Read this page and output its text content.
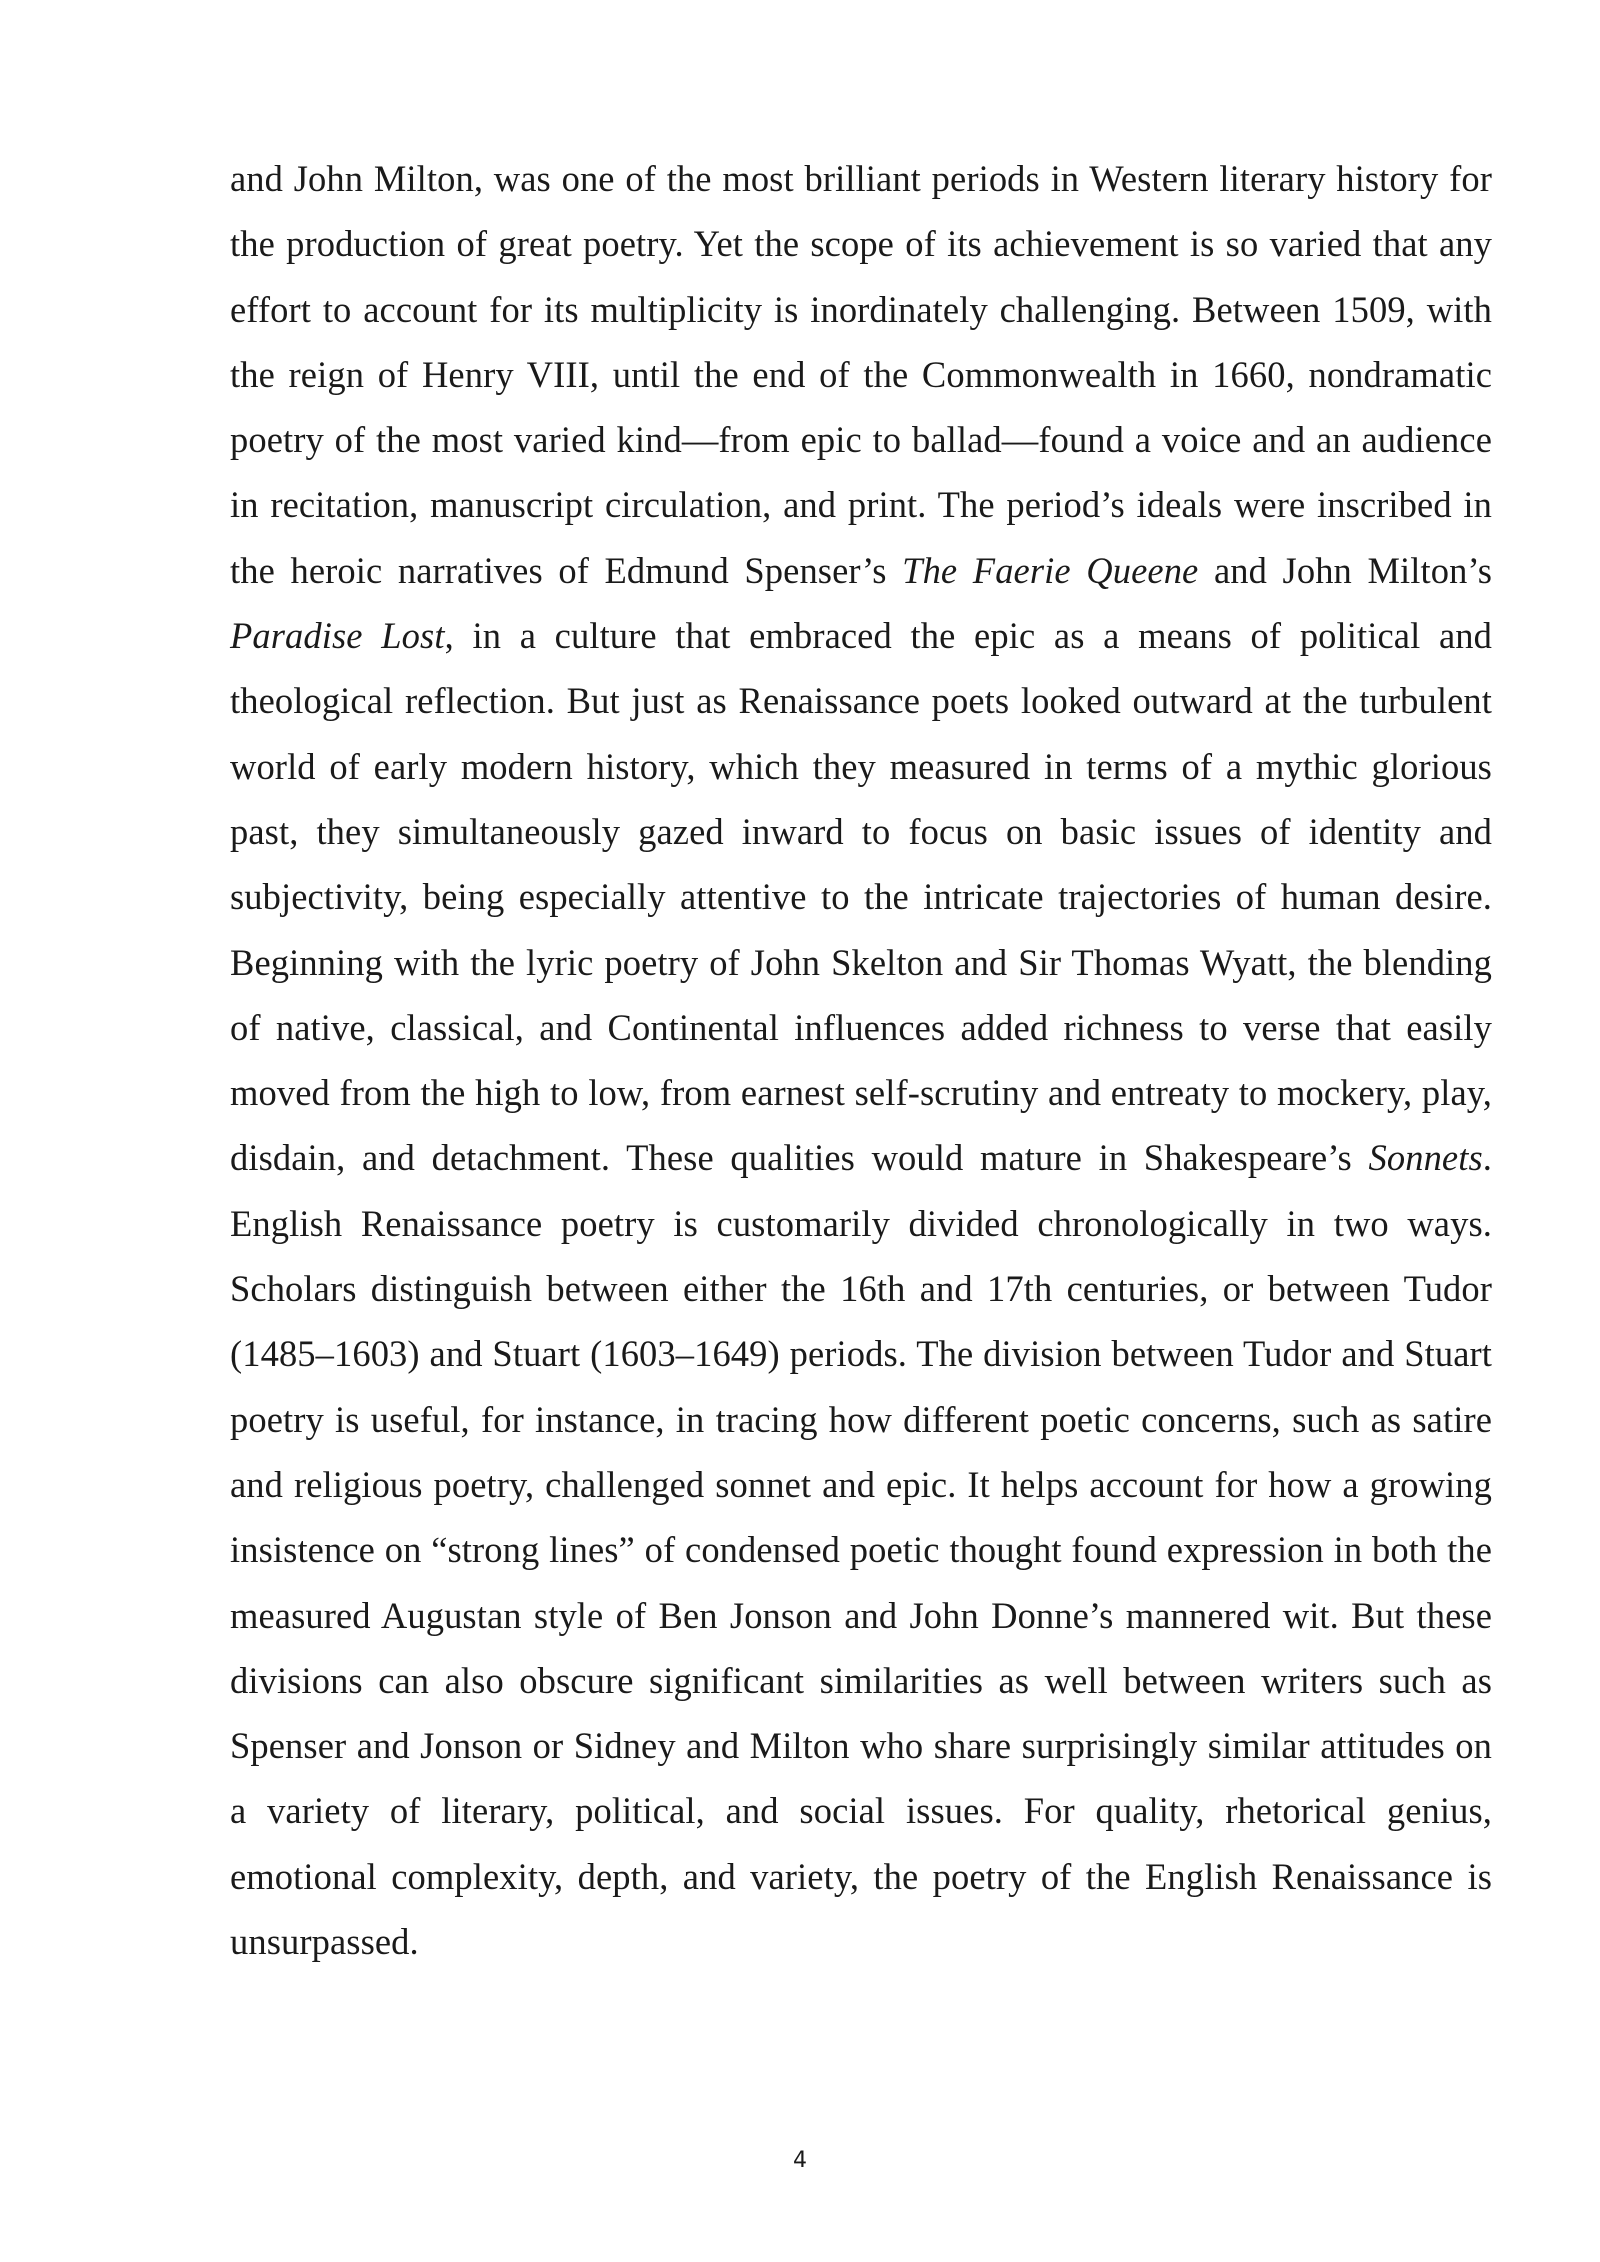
and John Milton, was one of the most brilliant periods in Western literary history for the production of great poetry. Yet the scope of its achievement is so varied that any effort to account for its multiplicity is inordinately challenging. Between 1509, with the reign of Henry VIII, until the end of the Commonwealth in 1660, nondramatic poetry of the most varied kind—from epic to ballad—found a voice and an audience in recitation, manuscript circulation, and print. The period’s ideals were inscribed in the heroic narratives of Edmund Spenser’s The Faerie Queene and John Milton’s Paradise Lost, in a culture that embraced the epic as a means of political and theological reflection. But just as Renaissance poets looked outward at the turbulent world of early modern history, which they measured in terms of a mythic glorious past, they simultaneously gazed inward to focus on basic issues of identity and subjectivity, being especially attentive to the intricate trajectories of human desire. Beginning with the lyric poetry of John Skelton and Sir Thomas Wyatt, the blending of native, classical, and Continental influences added richness to verse that easily moved from the high to low, from earnest self-scrutiny and entreaty to mockery, play, disdain, and detachment. These qualities would mature in Shakespeare’s Sonnets. English Renaissance poetry is customarily divided chronologically in two ways. Scholars distinguish between either the 16th and 17th centuries, or between Tudor (1485–1603) and Stuart (1603–1649) periods. The division between Tudor and Stuart poetry is useful, for instance, in tracing how different poetic concerns, such as satire and religious poetry, challenged sonnet and epic. It helps account for how a growing insistence on “strong lines” of condensed poetic thought found expression in both the measured Augustan style of Ben Jonson and John Donne’s mannered wit. But these divisions can also obscure significant similarities as well between writers such as Spenser and Jonson or Sidney and Milton who share surprisingly similar attitudes on a variety of literary, political, and social issues. For quality, rhetorical genius, emotional complexity, depth, and variety, the poetry of the English Renaissance is unsurpassed.

4
